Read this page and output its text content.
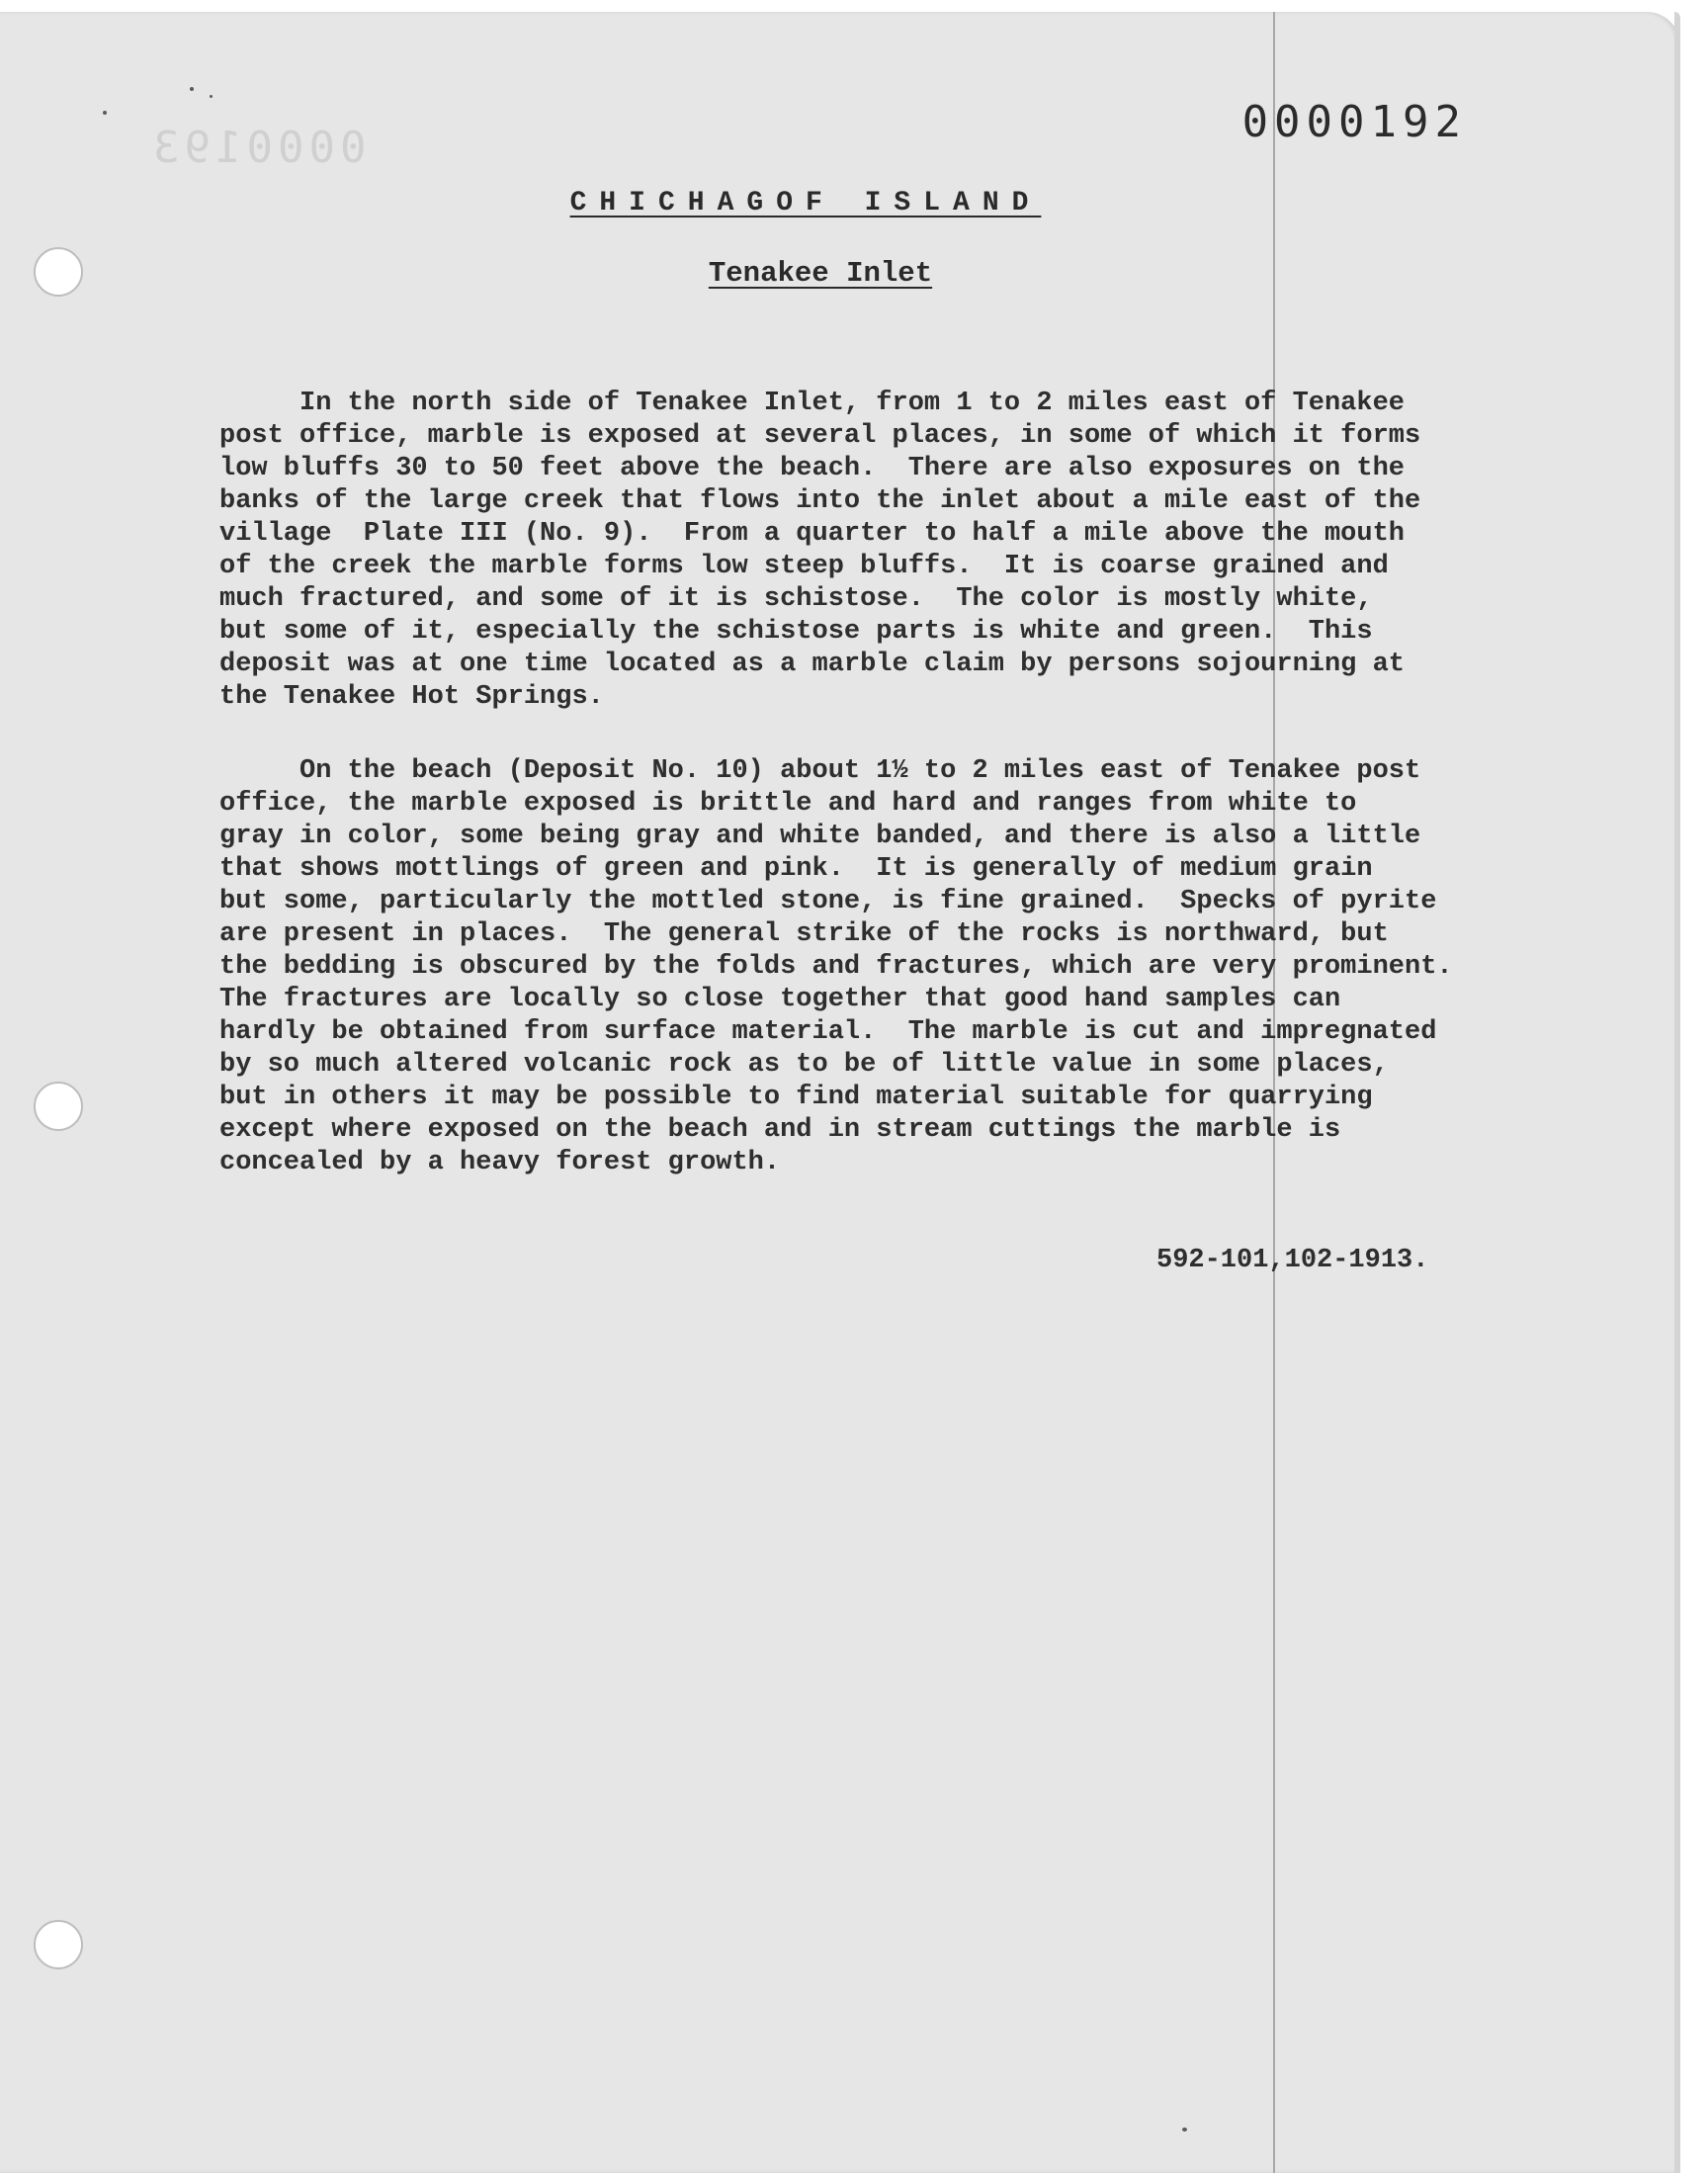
0000193
0000192
CHICHAGOF ISLAND
Tenakee Inlet

In the north side of Tenakee Inlet, from 1 to 2 miles east of Tenakee
post office, marble is exposed at several places, in some of which it forms
low bluffs 30 to 50 feet above the beach.  There are also exposures on the
banks of the large creek that flows into the inlet about a mile east of the
village  Plate III (No. 9).  From a quarter to half a mile above the mouth
of the creek the marble forms low steep bluffs.  It is coarse grained and
much fractured, and some of it is schistose.  The color is mostly white,
but some of it, especially the schistose parts is white and green.  This
deposit was at one time located as a marble claim by persons sojourning at
the Tenakee Hot Springs.

On the beach (Deposit No. 10) about 1½ to 2 miles east of Tenakee post
office, the marble exposed is brittle and hard and ranges from white to
gray in color, some being gray and white banded, and there is also a little
that shows mottlings of green and pink.  It is generally of medium grain
but some, particularly the mottled stone, is fine grained.  Specks of pyrite
are present in places.  The general strike of the rocks is northward, but
the bedding is obscured by the folds and fractures, which are very prominent.
The fractures are locally so close together that good hand samples can
hardly be obtained from surface material.  The marble is cut and impregnated
by so much altered volcanic rock as to be of little value in some places,
but in others it may be possible to find material suitable for quarrying
except where exposed on the beach and in stream cuttings the marble is
concealed by a heavy forest growth.

592-101,102-1913.
